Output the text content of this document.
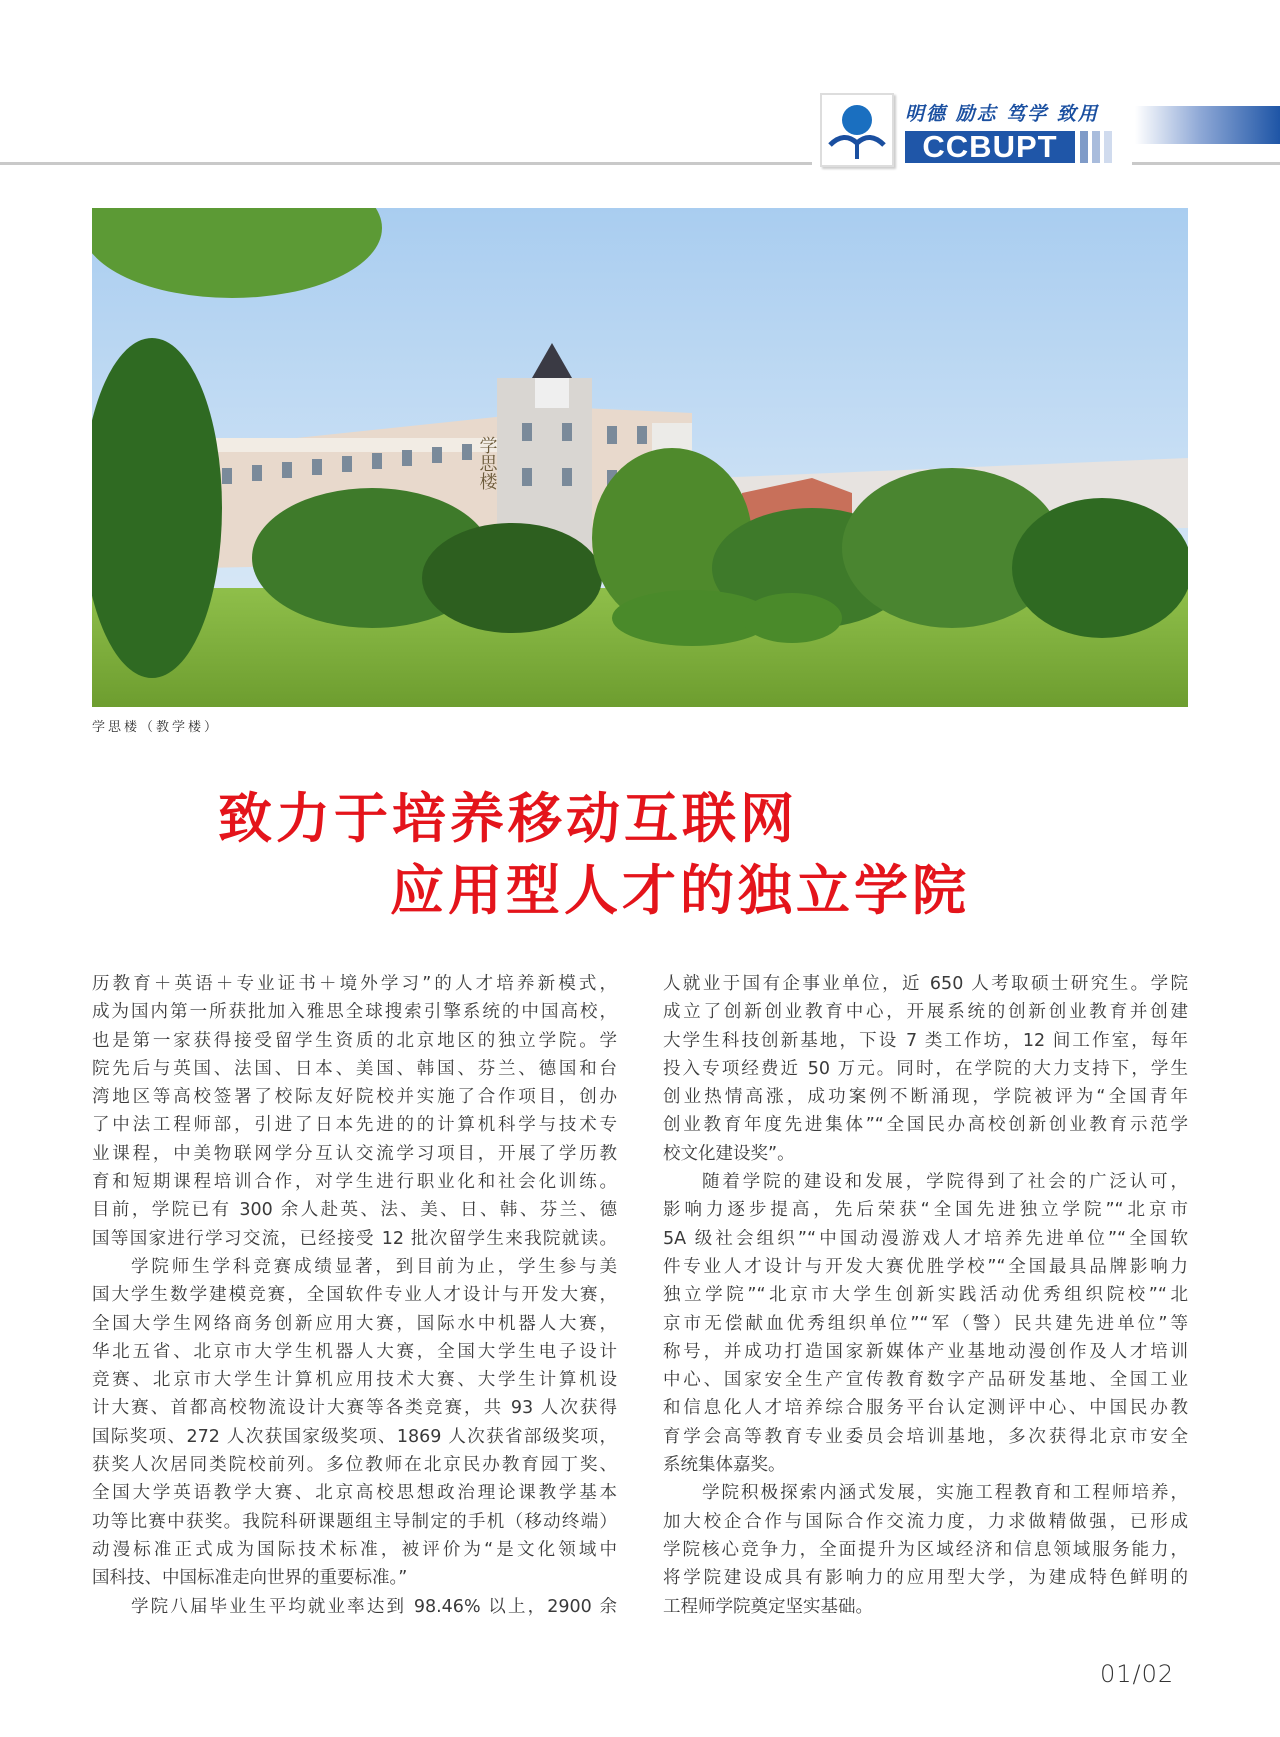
明德 励志 笃学 致用
CCBUPT
学思楼
学思楼（教学楼）
致力于培养移动互联网
应用型人才的独立学院
历教育＋英语＋专业证书＋境外学习”的人才培养新模式，
成为国内第一所获批加入雅思全球搜索引擎系统的中国高校，
也是第一家获得接受留学生资质的北京地区的独立学院。学
院先后与英国、法国、日本、美国、韩国、芬兰、德国和台
湾地区等高校签署了校际友好院校并实施了合作项目，创办
了中法工程师部，引进了日本先进的的计算机科学与技术专
业课程，中美物联网学分互认交流学习项目，开展了学历教
育和短期课程培训合作，对学生进行职业化和社会化训练。
目前，学院已有 300 余人赴英、法、美、日、韩、芬兰、德
国等国家进行学习交流，已经接受 12 批次留学生来我院就读。
学院师生学科竞赛成绩显著，到目前为止，学生参与美
国大学生数学建模竞赛，全国软件专业人才设计与开发大赛，
全国大学生网络商务创新应用大赛，国际水中机器人大赛，
华北五省、北京市大学生机器人大赛，全国大学生电子设计
竞赛、北京市大学生计算机应用技术大赛、大学生计算机设
计大赛、首都高校物流设计大赛等各类竞赛，共 93 人次获得
国际奖项、272 人次获国家级奖项、1869 人次获省部级奖项，
获奖人次居同类院校前列。多位教师在北京民办教育园丁奖、
全国大学英语教学大赛、北京高校思想政治理论课教学基本
功等比赛中获奖。我院科研课题组主导制定的手机（移动终端）
动漫标准正式成为国际技术标准，被评价为“是文化领域中
国科技、中国标准走向世界的重要标准。”
学院八届毕业生平均就业率达到 98.46% 以上，2900 余
人就业于国有企事业单位，近 650 人考取硕士研究生。学院
成立了创新创业教育中心，开展系统的创新创业教育并创建
大学生科技创新基地，下设 7 类工作坊，12 间工作室，每年
投入专项经费近 50 万元。同时，在学院的大力支持下，学生
创业热情高涨，成功案例不断涌现，学院被评为“全国青年
创业教育年度先进集体”“全国民办高校创新创业教育示范学
校文化建设奖”。
随着学院的建设和发展，学院得到了社会的广泛认可，
影响力逐步提高，先后荣获“全国先进独立学院”“北京市
5A 级社会组织”“中国动漫游戏人才培养先进单位”“全国软
件专业人才设计与开发大赛优胜学校”“全国最具品牌影响力
独立学院”“北京市大学生创新实践活动优秀组织院校”“北
京市无偿献血优秀组织单位”“军（警）民共建先进单位”等
称号，并成功打造国家新媒体产业基地动漫创作及人才培训
中心、国家安全生产宣传教育数字产品研发基地、全国工业
和信息化人才培养综合服务平台认定测评中心、中国民办教
育学会高等教育专业委员会培训基地，多次获得北京市安全
系统集体嘉奖。
学院积极探索内涵式发展，实施工程教育和工程师培养，
加大校企合作与国际合作交流力度，力求做精做强，已形成
学院核心竞争力，全面提升为区域经济和信息领域服务能力，
将学院建设成具有影响力的应用型大学，为建成特色鲜明的
工程师学院奠定坚实基础。
01/02
